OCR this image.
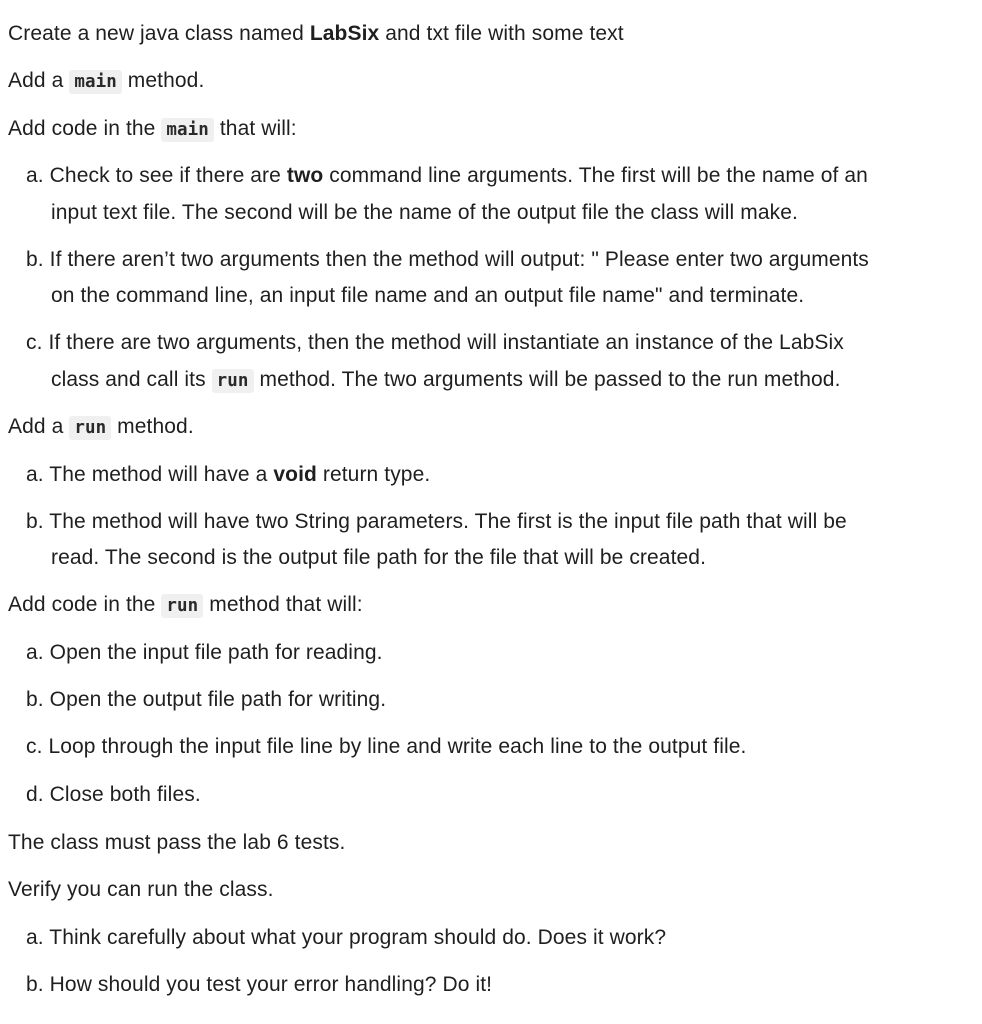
Create a new java class named LabSix and txt file with some text
Add a main method.
Add code in the main that will:
a. Check to see if there are two command line arguments. The first will be the name of an
input text file. The second will be the name of the output file the class will make.
b. If there aren’t two arguments then the method will output: " Please enter two arguments
on the command line, an input file name and an output file name" and terminate.
c. If there are two arguments, then the method will instantiate an instance of the LabSix
class and call its run method. The two arguments will be passed to the run method.
Add a run method.
a. The method will have a void return type.
b. The method will have two String parameters. The first is the input file path that will be
read. The second is the output file path for the file that will be created.
Add code in the run method that will:
a. Open the input file path for reading.
b. Open the output file path for writing.
c. Loop through the input file line by line and write each line to the output file.
d. Close both files.
The class must pass the lab 6 tests.
Verify you can run the class.
a. Think carefully about what your program should do. Does it work?
b. How should you test your error handling? Do it!
